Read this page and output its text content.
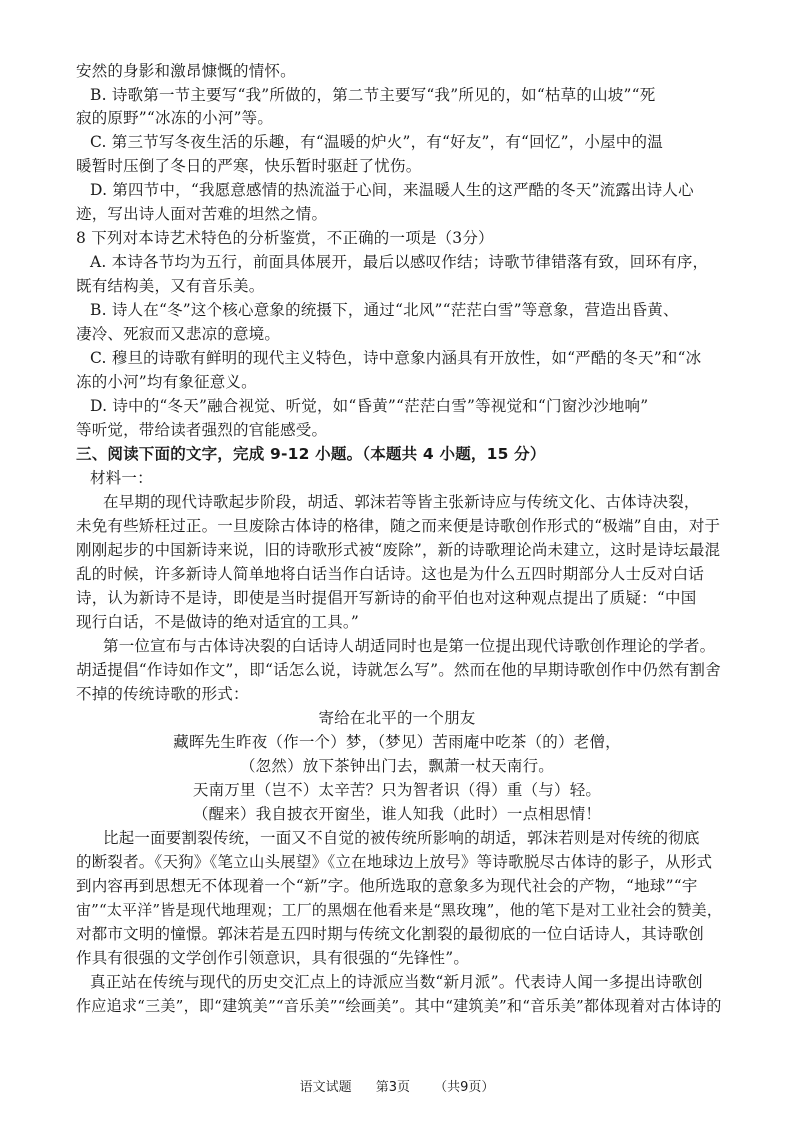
安然的身影和激昂慷慨的情怀。
B. 诗歌第一节主要写“我”所做的，第二节主要写“我”所见的，如“枯草的山坡”“死
寂的原野”“冰冻的小河”等。
C. 第三节写冬夜生活的乐趣，有“温暖的炉火”，有“好友”，有“回忆”，小屋中的温
暖暂时压倒了冬日的严寒，快乐暂时驱赶了忧伤。
D. 第四节中，“我愿意感情的热流溢于心间，来温暖人生的这严酷的冬天”流露出诗人心
迹，写出诗人面对苦难的坦然之情。
8 下列对本诗艺术特色的分析鉴赏，不正确的一项是（3分）
A. 本诗各节均为五行，前面具体展开，最后以感叹作结；诗歌节律错落有致，回环有序，
既有结构美，又有音乐美。
B. 诗人在“冬”这个核心意象的统摄下，通过“北风”“茫茫白雪”等意象，营造出昏黄、
凄冷、死寂而又悲凉的意境。
C. 穆旦的诗歌有鲜明的现代主义特色，诗中意象内涵具有开放性，如“严酷的冬天”和“冰
冻的小河”均有象征意义。
D. 诗中的“冬天”融合视觉、听觉，如“昏黄”“茫茫白雪”等视觉和“门窗沙沙地响”
等听觉，带给读者强烈的官能感受。
三、阅读下面的文字，完成 9-12 小题。（本题共 4 小题，15 分）
材料一：
在早期的现代诗歌起步阶段，胡适、郭沫若等皆主张新诗应与传统文化、古体诗决裂，
未免有些矫枉过正。一旦废除古体诗的格律，随之而来便是诗歌创作形式的“极端”自由，对于
刚刚起步的中国新诗来说，旧的诗歌形式被“废除”，新的诗歌理论尚未建立，这时是诗坛最混
乱的时候，许多新诗人简单地将白话当作白话诗。这也是为什么五四时期部分人士反对白话
诗，认为新诗不是诗，即使是当时提倡开写新诗的俞平伯也对这种观点提出了质疑：“中国
现行白话，不是做诗的绝对适宜的工具。”
第一位宣布与古体诗决裂的白话诗人胡适同时也是第一位提出现代诗歌创作理论的学者。
胡适提倡“作诗如作文”，即“话怎么说，诗就怎么写”。然而在他的早期诗歌创作中仍然有割舍
不掉的传统诗歌的形式：
寄给在北平的一个朋友
藏晖先生昨夜（作一个）梦，（梦见）苦雨庵中吃茶（的）老僧，
（忽然）放下茶钟出门去，飘萧一杖天南行。
天南万里（岂不）太辛苦？只为智者识（得）重（与）轻。
（醒来）我自披衣开窗坐，谁人知我（此时）一点相思情！
比起一面要割裂传统，一面又不自觉的被传统所影响的胡适，郭沫若则是对传统的彻底
的断裂者。《天狗》《笔立山头展望》《立在地球边上放号》等诗歌脱尽古体诗的影子，从形式
到内容再到思想无不体现着一个“新”字。他所选取的意象多为现代社会的产物，“地球”“宇
宙”“太平洋”皆是现代地理观；工厂的黑烟在他看来是“黑玫瑰”，他的笔下是对工业社会的赞美，
对都市文明的憧憬。郭沫若是五四时期与传统文化割裂的最彻底的一位白话诗人，其诗歌创
作具有很强的文学创作引领意识，具有很强的“先锋性”。
真正站在传统与现代的历史交汇点上的诗派应当数“新月派”。代表诗人闻一多提出诗歌创
作应追求“三美”，即“建筑美”“音乐美”“绘画美”。其中“建筑美”和“音乐美”都体现着对古体诗的
语文试题 第3页 （共9页）
